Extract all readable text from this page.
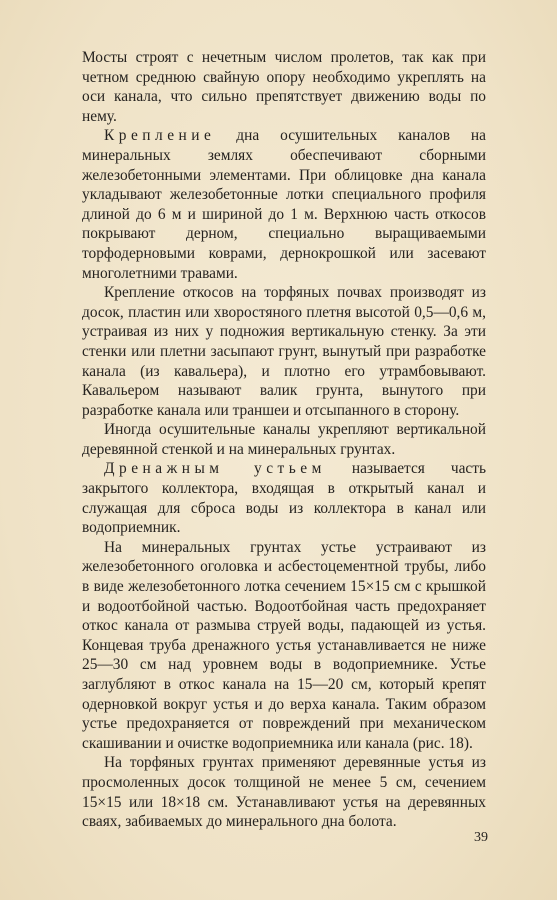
Мосты строят с нечетным числом пролетов, так как при четном среднюю свайную опору необходимо укреплять на оси канала, что сильно препятствует движению воды по нему.

Крепление дна осушительных каналов на минеральных землях обеспечивают сборными железобетонными элементами. При облицовке дна канала укладывают железобетонные лотки специального профиля длиной до 6 м и шириной до 1 м. Верхнюю часть откосов покрывают дерном, специально выращиваемыми торфодерновыми коврами, дернокрошкой или засевают многолетними травами.

Крепление откосов на торфяных почвах производят из досок, пластин или хворостяного плетня высотой 0,5—0,6 м, устраивая из них у подножия вертикальную стенку. За эти стенки или плетни засыпают грунт, вынутый при разработке канала (из кавальера), и плотно его утрамбовывают. Кавальером называют валик грунта, вынутого при разработке канала или траншеи и отсыпанного в сторону.

Иногда осушительные каналы укрепляют вертикальной деревянной стенкой и на минеральных грунтах.

Дренажным устьем называется часть закрытого коллектора, входящая в открытый канал и служащая для сброса воды из коллектора в канал или водоприемник.

На минеральных грунтах устье устраивают из железобетонного оголовка и асбестоцементной трубы, либо в виде железобетонного лотка сечением 15×15 см с крышкой и водоотбойной частью. Водоотбойная часть предохраняет откос канала от размыва струей воды, падающей из устья. Концевая труба дренажного устья устанавливается не ниже 25—30 см над уровнем воды в водоприемнике. Устье заглубляют в откос канала на 15—20 см, который крепят одерновкой вокруг устья и до верха канала. Таким образом устье предохраняется от повреждений при механическом скашивании и очистке водоприемника или канала (рис. 18).

На торфяных грунтах применяют деревянные устья из просмоленных досок толщиной не менее 5 см, сечением 15×15 или 18×18 см. Устанавливают устья на деревянных сваях, забиваемых до минерального дна болота.

39
